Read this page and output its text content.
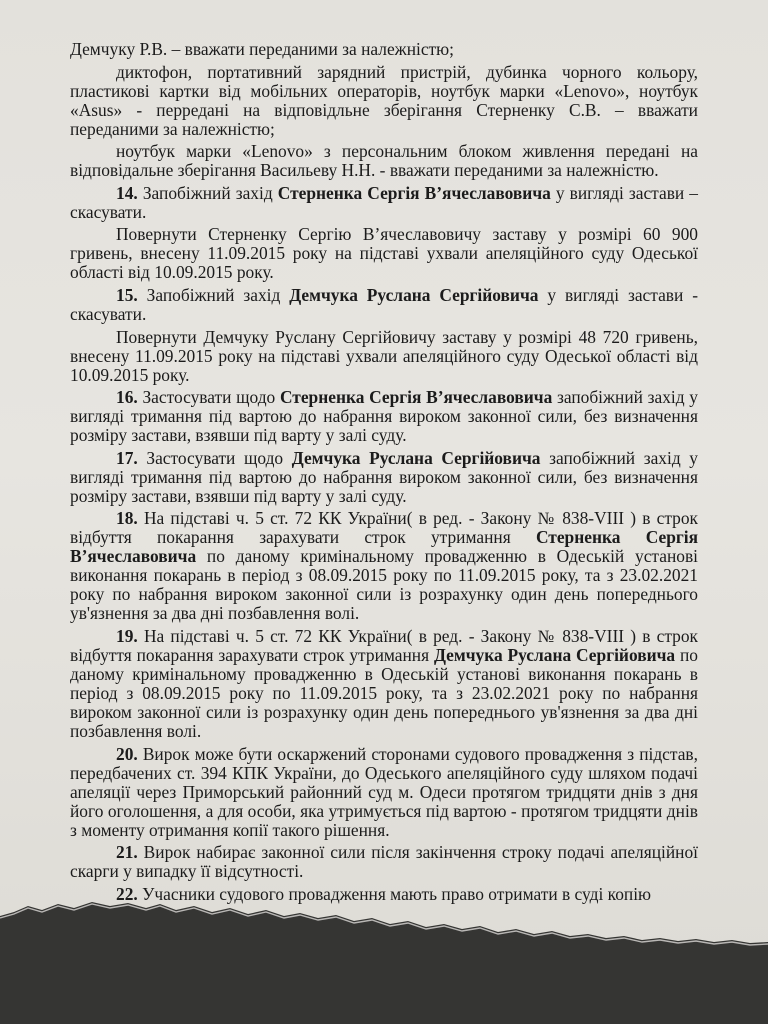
Демчуку Р.В. – вважати переданими за належністю;

диктофон, портативний зарядний пристрій, дубинка чорного кольору, пластикові картки від мобільних операторів, ноутбук марки «Lenovo», ноутбук «Asus» - перредані на відповідльне зберігання Стерненку С.В. – вважати переданими за належністю;

ноутбук марки «Lenovo» з персональним блоком живлення передані на відповідальне зберігання Васильеву Н.Н. - вважати переданими за належністю.

14. Запобіжний захід Стерненка Сергія В’ячеславовича у вигляді застави – скасувати.

Повернути Стерненку Сергію В’ячеславовичу заставу у розмірі 60 900 гривень, внесену 11.09.2015 року на підставі ухвали апеляційного суду Одеської області від 10.09.2015 року.

15. Запобіжний захід Демчука Руслана Сергійовича у вигляді застави - скасувати.

Повернути Демчуку Руслану Сергійовичу заставу у розмірі 48 720 гривень, внесену 11.09.2015 року на підставі ухвали апеляційного суду Одеської області від 10.09.2015 року.

16. Застосувати щодо Стерненка Сергія В’ячеславовича запобіжний захід у вигляді тримання під вартою до набрання вироком законної сили, без визначення розміру застави, взявши під варту у залі суду.

17. Застосувати щодо Демчука Руслана Сергійовича запобіжний захід у вигляді тримання під вартою до набрання вироком законної сили, без визначення розміру застави, взявши під варту у залі суду.

18. На підставі ч. 5 ст. 72 КК України( в ред. - Закону № 838-VIII ) в строк відбуття покарання зарахувати строк утримання Стерненка Сергія В’ячеславовича по даному кримінальному провадженню в Одеській установі виконання покарань в період з 08.09.2015 року по 11.09.2015 року, та з 23.02.2021 року по набрання вироком законної сили із розрахунку один день попереднього ув'язнення за два дні позбавлення волі.

19. На підставі ч. 5 ст. 72 КК України( в ред. - Закону № 838-VIII ) в строк відбуття покарання зарахувати строк утримання Демчука Руслана Сергійовича по даному кримінальному провадженню в Одеській установі виконання покарань в період з 08.09.2015 року по 11.09.2015 року, та з 23.02.2021 року по набрання вироком законної сили із розрахунку один день попереднього ув'язнення за два дні позбавлення волі.

20. Вирок може бути оскаржений сторонами судового провадження з підстав, передбачених ст. 394 КПК України, до Одеського апеляційного суду шляхом подачі апеляції через Приморський районний суд м. Одеси протягом тридцяти днів з дня його оголошення, а для особи, яка утримується під вартою - протягом тридцяти днів з моменту отримання копії такого рішення.

21. Вирок набирає законної сили після закінчення строку подачі апеляційної скарги у випадку її відсутності.

22. Учасники судового провадження мають право отримати в суді копію
